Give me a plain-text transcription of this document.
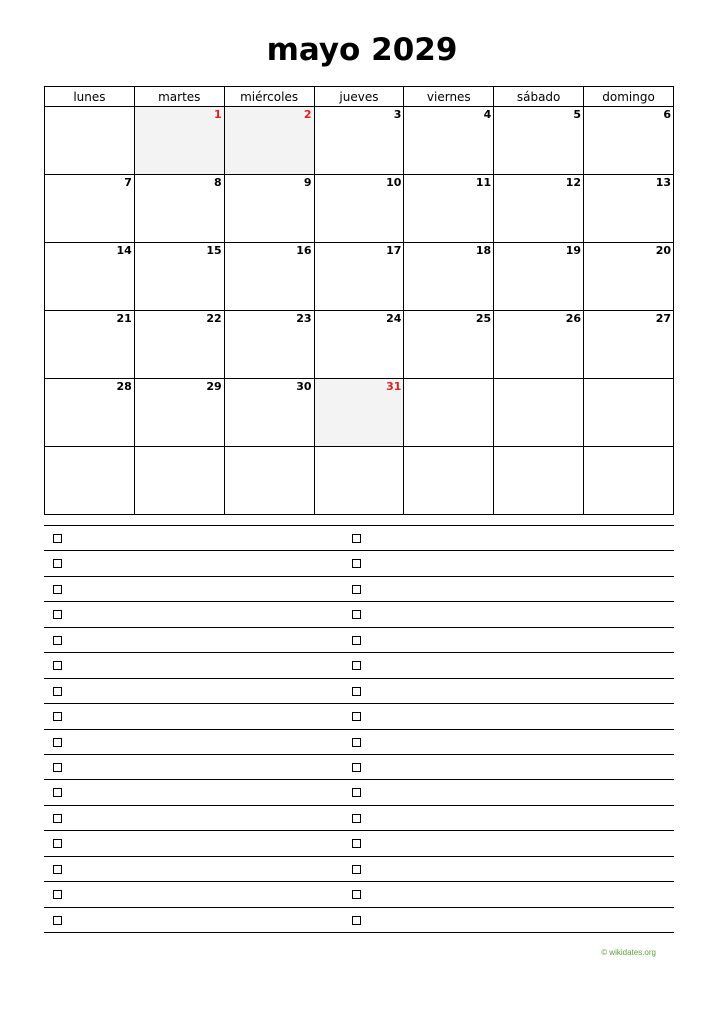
mayo 2029
lunes	martes	miércoles	jueves	viernes	sábado	domingo

	1	2	3	4	5	6

7	8	9	10	11	12	13

14	15	16	17	18	19	20

21	22	23	24	25	26	27

28	29	30	31			

© wikidates.org
